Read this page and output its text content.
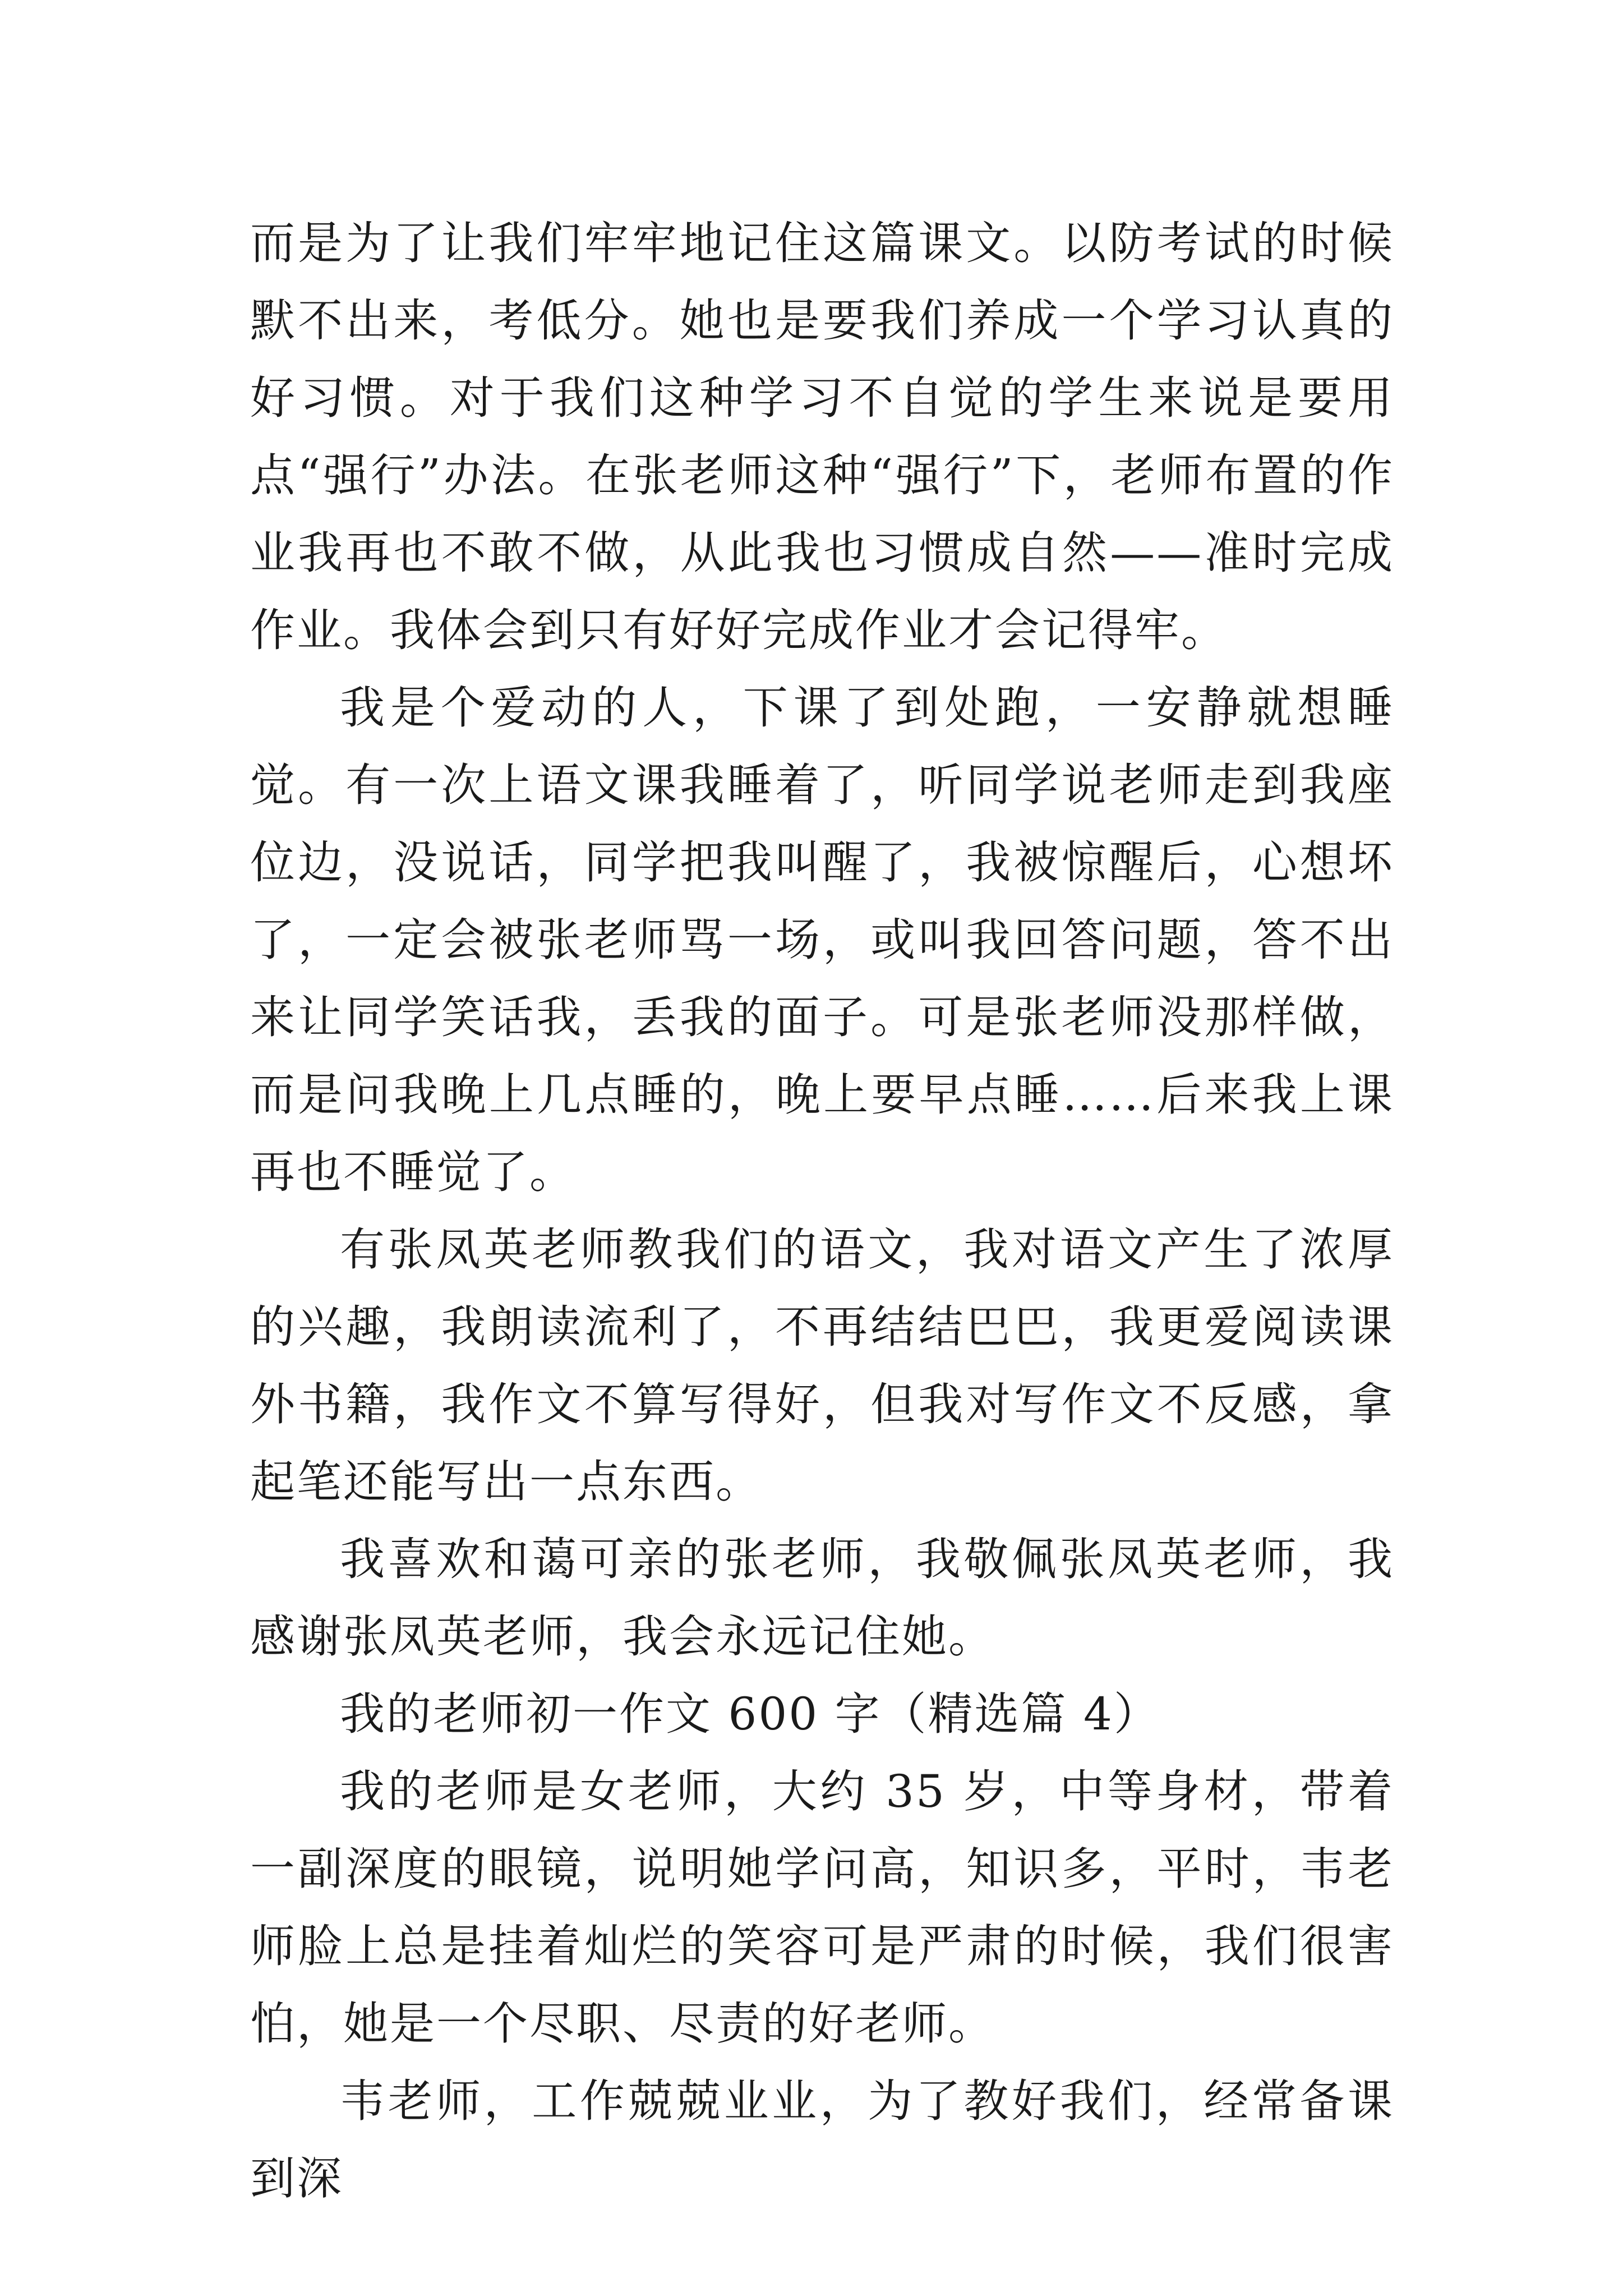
而是为了让我们牢牢地记住这篇课文。以防考试的时候默不出来，考低分。她也是要我们养成一个学习认真的好习惯。对于我们这种学习不自觉的学生来说是要用点“强行”办法。在张老师这种“强行”下，老师布置的作业我再也不敢不做，从此我也习惯成自然——准时完成作业。我体会到只有好好完成作业才会记得牢。

我是个爱动的人，下课了到处跑，一安静就想睡觉。有一次上语文课我睡着了，听同学说老师走到我座位边，没说话，同学把我叫醒了，我被惊醒后，心想坏了，一定会被张老师骂一场，或叫我回答问题，答不出来让同学笑话我，丢我的面子。可是张老师没那样做，而是问我晚上几点睡的，晚上要早点睡……后来我上课再也不睡觉了。

有张凤英老师教我们的语文，我对语文产生了浓厚的兴趣，我朗读流利了，不再结结巴巴，我更爱阅读课外书籍，我作文不算写得好，但我对写作文不反感，拿起笔还能写出一点东西。

我喜欢和蔼可亲的张老师，我敬佩张凤英老师，我感谢张凤英老师，我会永远记住她。

我的老师初一作文 600 字（精选篇 4）

我的老师是女老师，大约 35 岁，中等身材，带着一副深度的眼镜，说明她学问高，知识多，平时，韦老师脸上总是挂着灿烂的笑容可是严肃的时候，我们很害怕，她是一个尽职、尽责的好老师。

韦老师，工作兢兢业业，为了教好我们，经常备课到深
